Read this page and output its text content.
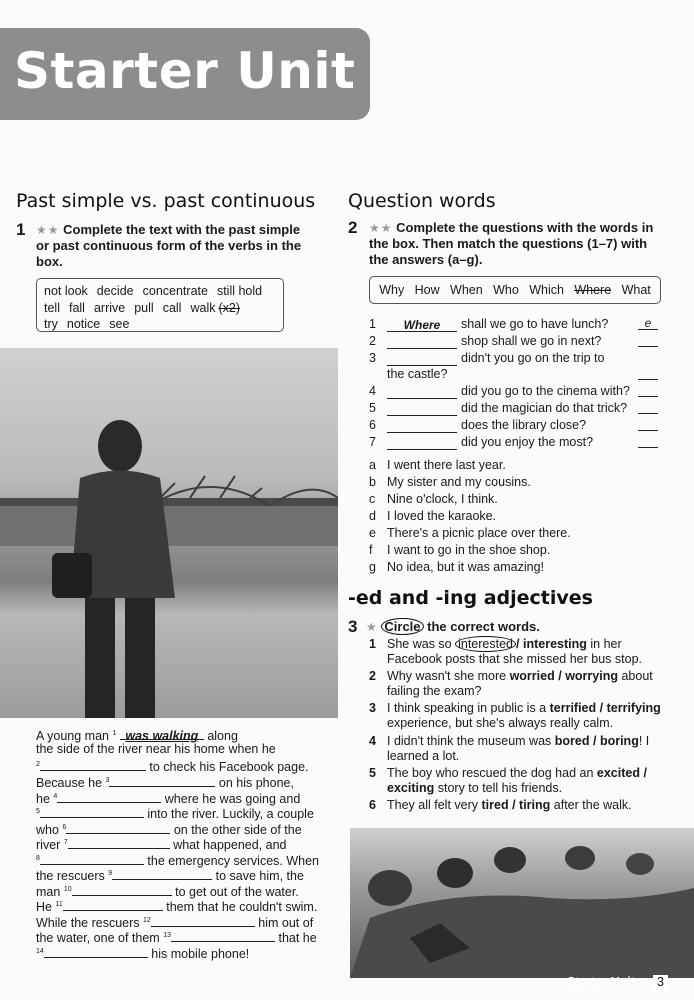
Starter Unit
Past simple vs. past continuous
1 ★★ Complete the text with the past simple or past continuous form of the verbs in the box.
not look decide concentrate still hold
tell fall arrive pull call walk (x2)
try notice see
A young man $^1$ was walking along
the side of the river near his home when he
$^2$	to check his Facebook page.
Because he $^3$	on his phone,
he $^4$	where he was going and
$^5$	into the river. Luckily, a couple
who $^6$	on the other side of the
river $^7$	what happened, and
$^8$	the emergency services. When
the rescuers $^9$	to save him, the
man $^{10}$	to get out of the water.
He $^{11}$	them that he couldn't swim.
While the rescuers $^{12}$	him out of
the water, one of them $^{13}$	that he
$^{14}$	his mobile phone!
Question words
2 ★★ Complete the questions with the words in the box. Then match the questions (1–7) with the answers (a–g).
Why How When Who Which Where What
1 Where shall we go to have lunch?	e
2	shop shall we go in next?
3	didn't you go on the trip to
the castle?
4	did you go to the cinema with?
5	did the magician do that trick?
6	does the library close?
7	did you enjoy the most?
a I went there last year.
b My sister and my cousins.
c Nine o'clock, I think.
d I loved the karaoke.
e There's a picnic place over there.
f I want to go in the shoe shop.
g No idea, but it was amazing!
-ed and -ing adjectives
3 ★ Circle the correct words.
1 She was so interested / interesting in her Facebook posts that she missed her bus stop.
2 Why wasn't she more worried / worrying about failing the exam?
3 I think speaking in public is a terrified / terrifying experience, but she's always really calm.
4 I didn't think the museum was bored / boring! I learned a lot.
5 The boy who rescued the dog had an excited / exciting story to tell his friends.
6 They all felt very tired / tiring after the walk.
Starter Unit	3
